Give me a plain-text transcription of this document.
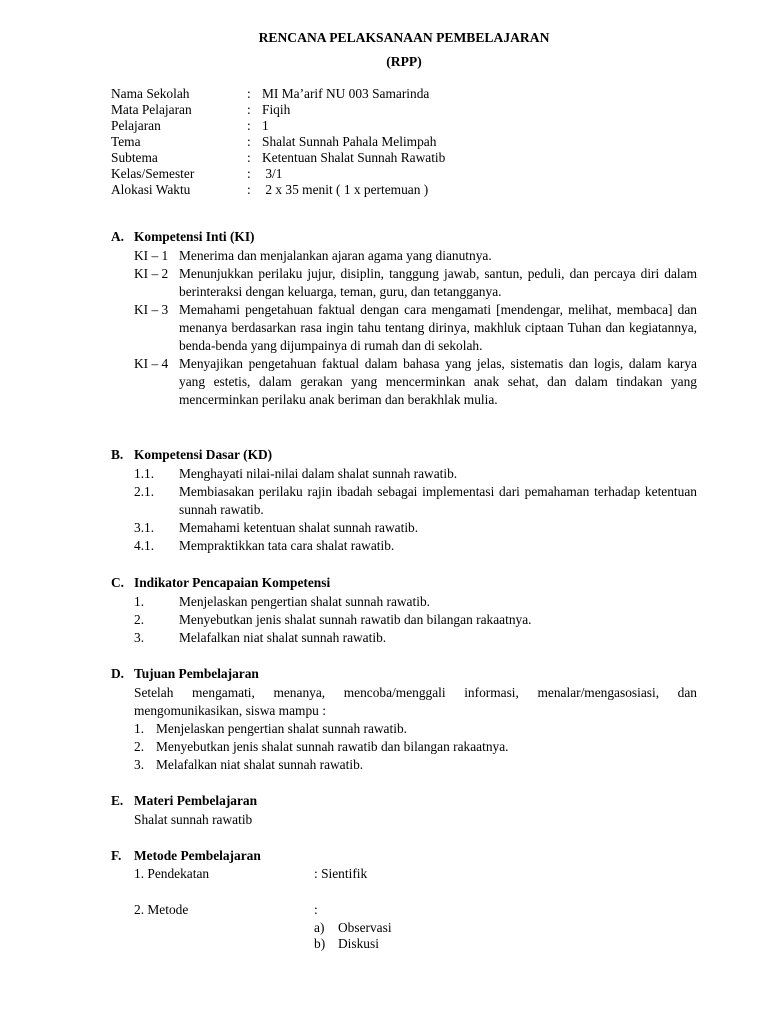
RENCANA PELAKSANAAN PEMBELAJARAN
(RPP)
Nama Sekolah	: MI Ma’arif NU 003 Samarinda
Mata Pelajaran	: Fiqih
Pelajaran	: 1
Tema	: Shalat Sunnah Pahala Melimpah
Subtema	: Ketentuan Shalat Sunnah Rawatib
Kelas/Semester	: 3/1
Alokasi Waktu	: 2 x 35 menit ( 1 x pertemuan )
A. Kompetensi Inti (KI)
KI – 1 Menerima dan menjalankan ajaran agama yang dianutnya.
KI – 2 Menunjukkan perilaku jujur, disiplin, tanggung jawab, santun, peduli, dan percaya diri dalam berinteraksi dengan keluarga, teman, guru, dan tetangganya.
KI – 3 Memahami pengetahuan faktual dengan cara mengamati [mendengar, melihat, membaca] dan menanya berdasarkan rasa ingin tahu tentang dirinya, makhluk ciptaan Tuhan dan kegiatannya, benda-benda yang dijumpainya di rumah dan di sekolah.
KI – 4 Menyajikan pengetahuan faktual dalam bahasa yang jelas, sistematis dan logis, dalam karya yang estetis, dalam gerakan yang mencerminkan anak sehat, dan dalam tindakan yang mencerminkan perilaku anak beriman dan berakhlak mulia.
B. Kompetensi Dasar (KD)
1.1. Menghayati nilai-nilai dalam shalat sunnah rawatib.
2.1. Membiasakan perilaku rajin ibadah sebagai implementasi dari pemahaman terhadap ketentuan sunnah rawatib.
3.1. Memahami ketentuan shalat sunnah rawatib.
4.1. Mempraktikkan tata cara shalat rawatib.
C. Indikator Pencapaian Kompetensi
1.	Menjelaskan pengertian shalat sunnah rawatib.
2.	Menyebutkan jenis shalat sunnah rawatib dan bilangan rakaatnya.
3.	Melafalkan niat shalat sunnah rawatib.
D. Tujuan Pembelajaran
Setelah mengamati, menanya, mencoba/menggali informasi, menalar/mengasosiasi, dan mengomunikasikan, siswa mampu :
1. Menjelaskan pengertian shalat sunnah rawatib.
2. Menyebutkan jenis shalat sunnah rawatib dan bilangan rakaatnya.
3. Melafalkan niat shalat sunnah rawatib.
E. Materi Pembelajaran
Shalat sunnah rawatib
F. Metode Pembelajaran
1. Pendekatan	: Sientifik
2. Metode	:
a) Observasi
b) Diskusi
